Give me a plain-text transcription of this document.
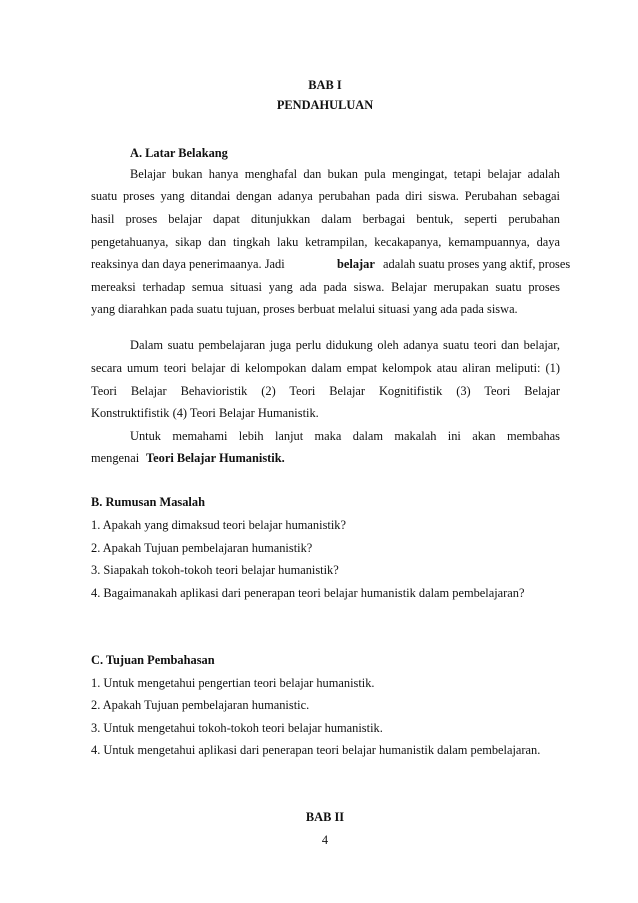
BAB I
PENDAHULUAN
A. Latar Belakang
Belajar bukan hanya menghafal dan bukan pula mengingat, tetapi belajar adalah
suatu proses yang ditandai dengan adanya perubahan pada diri siswa. Perubahan sebagai
hasil proses belajar dapat ditunjukkan dalam berbagai bentuk, seperti perubahan
pengetahuanya, sikap dan tingkah laku ketrampilan, kecakapanya, kemampuannya, daya
reaksinya dan daya penerimaanya. Jadi	belajar adalah suatu proses yang aktif, proses
mereaksi terhadap semua situasi yang ada pada siswa. Belajar merupakan suatu proses
yang diarahkan pada suatu tujuan, proses berbuat melalui situasi yang ada pada siswa.
Dalam suatu pembelajaran juga perlu didukung oleh adanya suatu teori dan belajar,
secara umum teori belajar di kelompokan dalam empat kelompok atau aliran meliputi: (1)
Teori Belajar Behavioristik (2) Teori Belajar Kognitifistik (3) Teori Belajar
Konstruktifistik (4) Teori Belajar Humanistik.
Untuk memahami lebih lanjut maka dalam makalah ini akan membahas
mengenai Teori Belajar Humanistik.
B. Rumusan Masalah
1. Apakah yang dimaksud teori belajar humanistik?
2. Apakah Tujuan pembelajaran humanistik?
3. Siapakah tokoh-tokoh teori belajar humanistik?
4. Bagaimanakah aplikasi dari penerapan teori belajar humanistik dalam pembelajaran?
C. Tujuan Pembahasan
1. Untuk mengetahui pengertian teori belajar humanistik.
2. Apakah Tujuan pembelajaran humanistic.
3. Untuk mengetahui tokoh-tokoh teori belajar humanistik.
4. Untuk mengetahui aplikasi dari penerapan teori belajar humanistik dalam pembelajaran.
BAB II
4
